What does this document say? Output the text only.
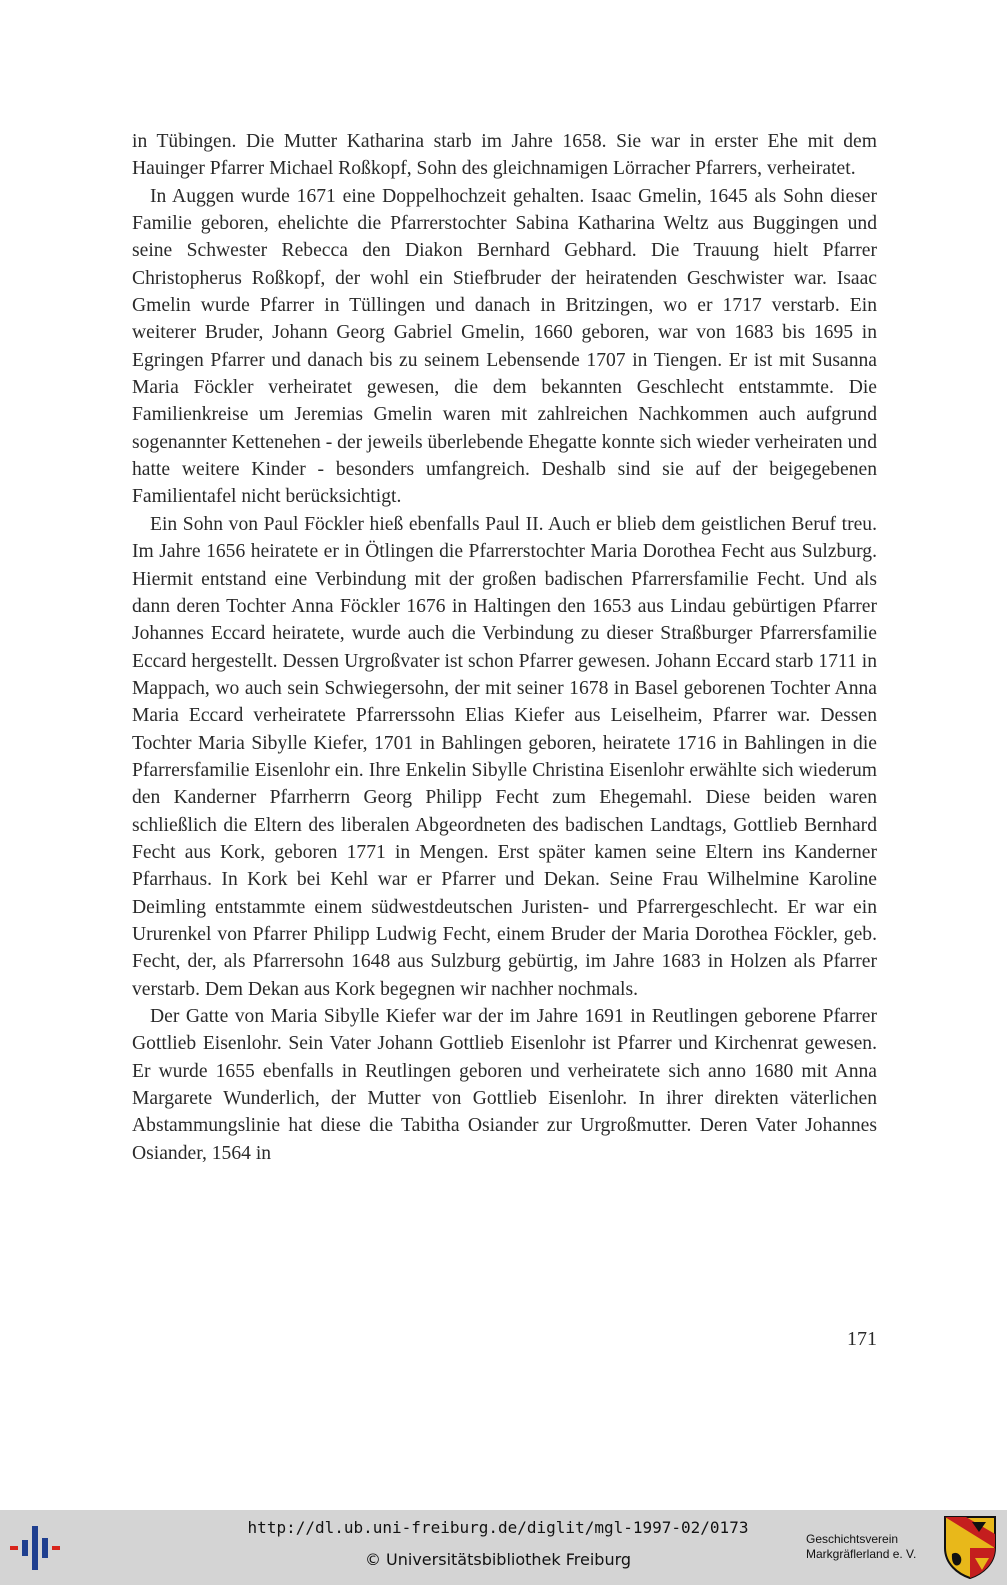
in Tübingen. Die Mutter Katharina starb im Jahre 1658. Sie war in erster Ehe mit dem Hauinger Pfarrer Michael Roßkopf, Sohn des gleichnamigen Lörracher Pfarrers, verheiratet.

In Auggen wurde 1671 eine Doppelhochzeit gehalten. Isaac Gmelin, 1645 als Sohn dieser Familie geboren, ehelichte die Pfarrerstochter Sabina Katharina Weltz aus Buggingen und seine Schwester Rebecca den Diakon Bernhard Gebhard. Die Trauung hielt Pfarrer Christopherus Roßkopf, der wohl ein Stiefbruder der heiratenden Geschwister war. Isaac Gmelin wurde Pfarrer in Tüllingen und danach in Britzingen, wo er 1717 verstarb. Ein weiterer Bruder, Johann Georg Gabriel Gmelin, 1660 geboren, war von 1683 bis 1695 in Egringen Pfarrer und danach bis zu seinem Lebensende 1707 in Tiengen. Er ist mit Susanna Maria Föckler verheiratet gewesen, die dem bekannten Geschlecht entstammte. Die Familienkreise um Jeremias Gmelin waren mit zahlreichen Nachkommen auch aufgrund sogenannter Kettenehen - der jeweils überlebende Ehegatte konnte sich wieder verheiraten und hatte weitere Kinder - besonders umfangreich. Deshalb sind sie auf der beigegebenen Familientafel nicht berücksichtigt.

Ein Sohn von Paul Föckler hieß ebenfalls Paul II. Auch er blieb dem geistlichen Beruf treu. Im Jahre 1656 heiratete er in Ötlingen die Pfarrerstochter Maria Dorothea Fecht aus Sulzburg. Hiermit entstand eine Verbindung mit der großen badischen Pfarrersfamilie Fecht. Und als dann deren Tochter Anna Föckler 1676 in Haltingen den 1653 aus Lindau gebürtigen Pfarrer Johannes Eccard heiratete, wurde auch die Verbindung zu dieser Straßburger Pfarrersfamilie Eccard hergestellt. Dessen Urgroßvater ist schon Pfarrer gewesen. Johann Eccard starb 1711 in Mappach, wo auch sein Schwiegersohn, der mit seiner 1678 in Basel geborenen Tochter Anna Maria Eccard verheiratete Pfarrerssohn Elias Kiefer aus Leiselheim, Pfarrer war. Dessen Tochter Maria Sibylle Kiefer, 1701 in Bahlingen geboren, heiratete 1716 in Bahlingen in die Pfarrersfamilie Eisenlohr ein. Ihre Enkelin Sibylle Christina Eisenlohr erwählte sich wiederum den Kanderner Pfarrherrn Georg Philipp Fecht zum Ehegemahl. Diese beiden waren schließlich die Eltern des liberalen Abgeordneten des badischen Landtags, Gottlieb Bernhard Fecht aus Kork, geboren 1771 in Mengen. Erst später kamen seine Eltern ins Kanderner Pfarrhaus. In Kork bei Kehl war er Pfarrer und Dekan. Seine Frau Wilhelmine Karoline Deimling entstammte einem südwestdeutschen Juristen- und Pfarrergeschlecht. Er war ein Ururenkel von Pfarrer Philipp Ludwig Fecht, einem Bruder der Maria Dorothea Föckler, geb. Fecht, der, als Pfarrersohn 1648 aus Sulzburg gebürtig, im Jahre 1683 in Holzen als Pfarrer verstarb. Dem Dekan aus Kork begegnen wir nachher nochmals.

Der Gatte von Maria Sibylle Kiefer war der im Jahre 1691 in Reutlingen geborene Pfarrer Gottlieb Eisenlohr. Sein Vater Johann Gottlieb Eisenlohr ist Pfarrer und Kirchenrat gewesen. Er wurde 1655 ebenfalls in Reutlingen geboren und verheiratete sich anno 1680 mit Anna Margarete Wunderlich, der Mutter von Gottlieb Eisenlohr. In ihrer direkten väterlichen Abstammungslinie hat diese die Tabitha Osiander zur Urgroßmutter. Deren Vater Johannes Osiander, 1564 in

171
http://dl.ub.uni-freiburg.de/diglit/mgl-1997-02/0173
© Universitätsbibliothek Freiburg
Geschichtsverein
Markgräflerland e. V.
